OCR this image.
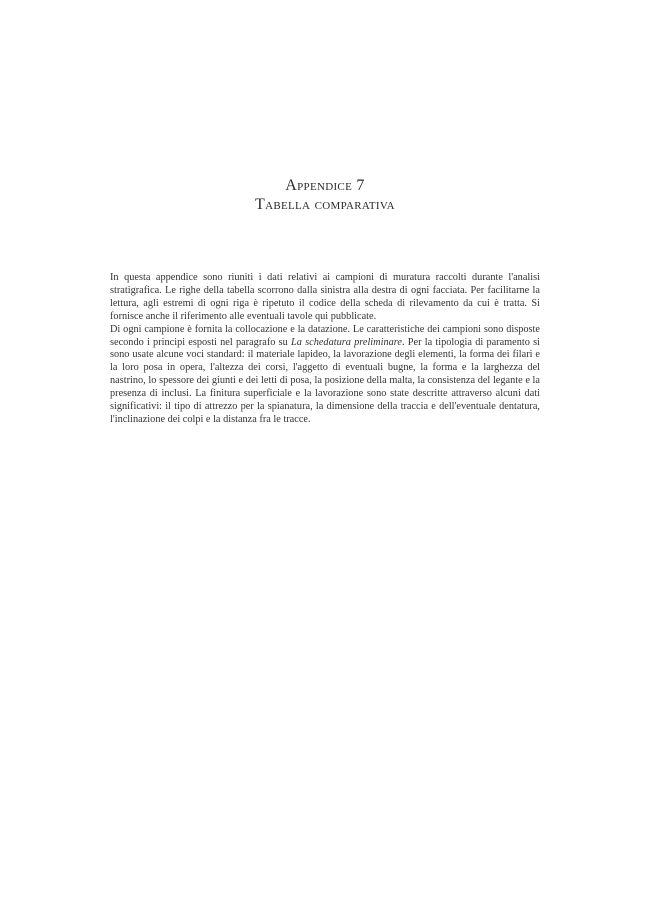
Appendice 7
Tabella comparativa

In questa appendice sono riuniti i dati relativi ai campioni di muratura raccolti durante l'analisi stratigrafica. Le righe della tabella scorrono dalla sinistra alla destra di ogni facciata. Per facilitarne la lettura, agli estremi di ogni riga è ripetuto il codice della scheda di rilevamento da cui è tratta. Si fornisce anche il riferimento alle eventuali tavole qui pubblicate.

Di ogni campione è fornita la collocazione e la datazione. Le caratteristiche dei campioni sono disposte secondo i principi esposti nel paragrafo su La schedatura preliminare. Per la tipologia di paramento si sono usate alcune voci standard: il materiale lapideo, la lavorazione degli elementi, la forma dei filari e la loro posa in opera, l'altezza dei corsi, l'aggetto di eventuali bugne, la forma e la larghezza del nastrino, lo spessore dei giunti e dei letti di posa, la posizione della malta, la consistenza del legante e la presenza di inclusi. La finitura superficiale e la lavorazione sono state descritte attraverso alcuni dati significativi: il tipo di attrezzo per la spianatura, la dimensione della traccia e dell'eventuale dentatura, l'inclinazione dei colpi e la distanza fra le tracce.
